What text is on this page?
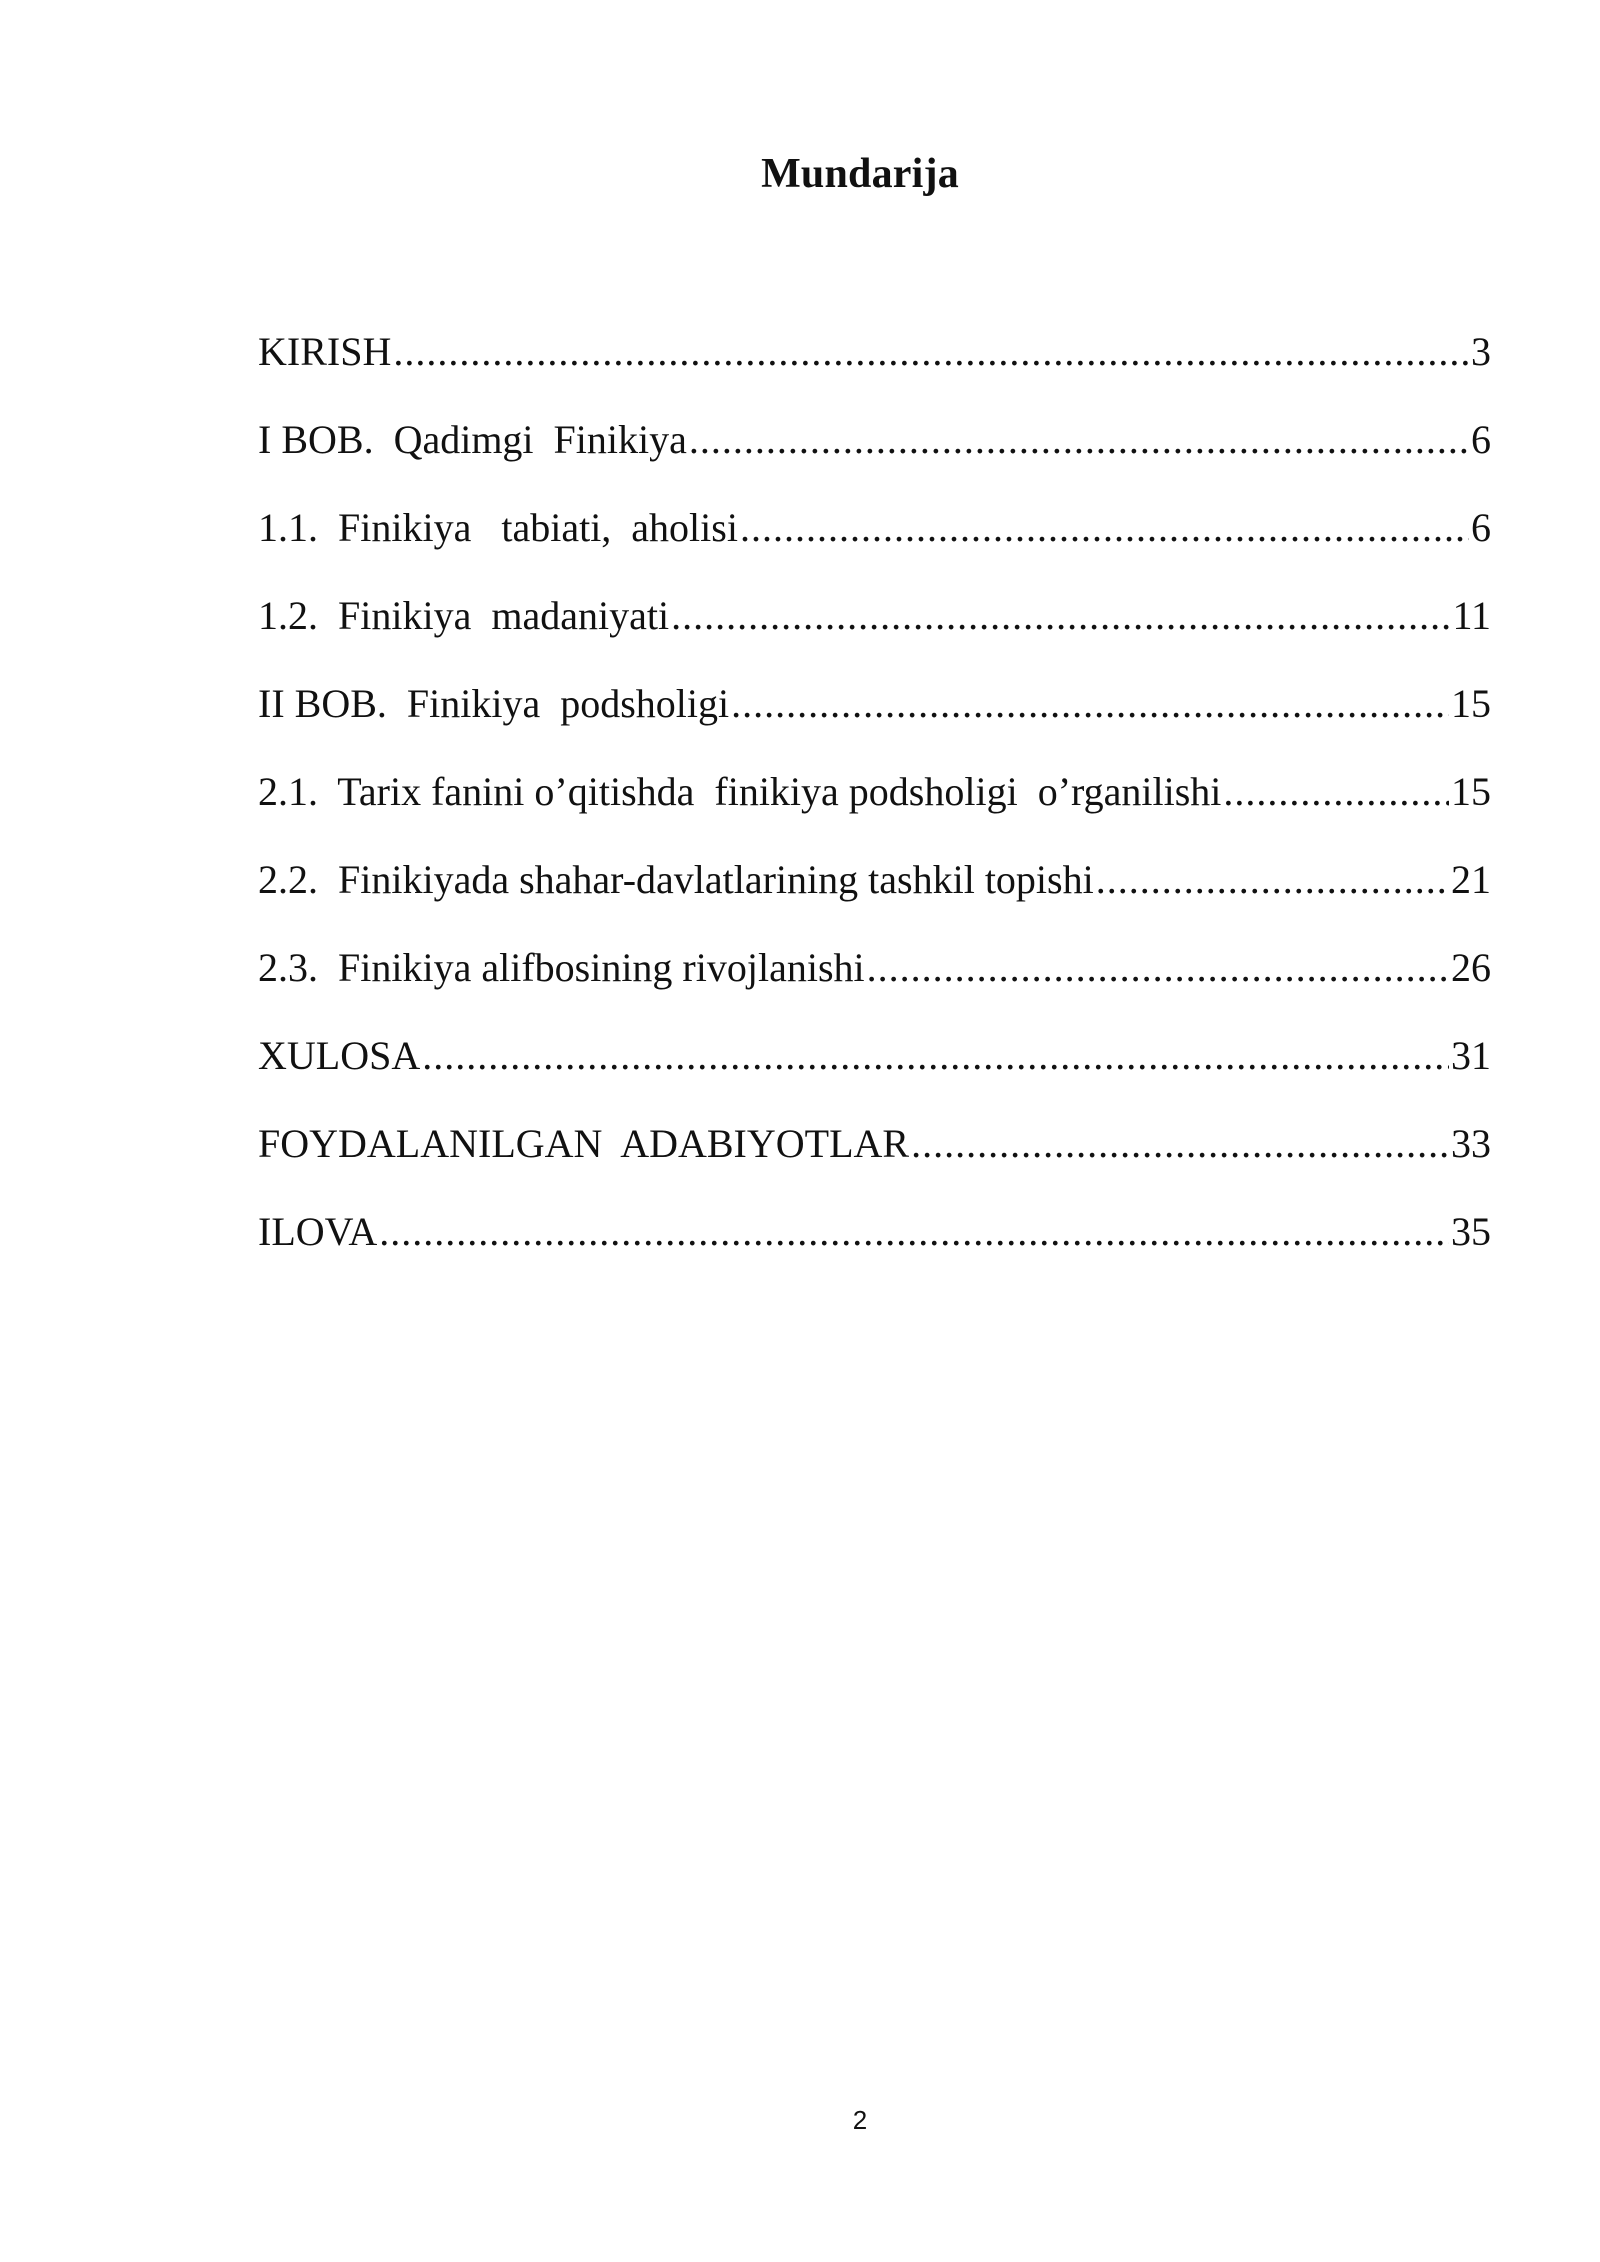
Mundarija
KIRISH .....	3
I BOB.  Qadimgi  Finikiya .....	6
1.1.  Finikiya   tabiati,  aholisi .....	6
1.2.  Finikiya  madaniyati .....	11
II BOB.  Finikiya  podsholigi .....	15
2.1.  Tarix fanini o’qitishda  finikiya podsholigi  o’rganilishi .....	15
2.2.  Finikiyada shahar-davlatlarining tashkil topishi .....	21
2.3.  Finikiya alifbosining rivojlanishi .....	26
XULOSA .....	31
FOYDALANILGAN  ADABIYOTLAR .....	33
ILOVA .....	35
2
